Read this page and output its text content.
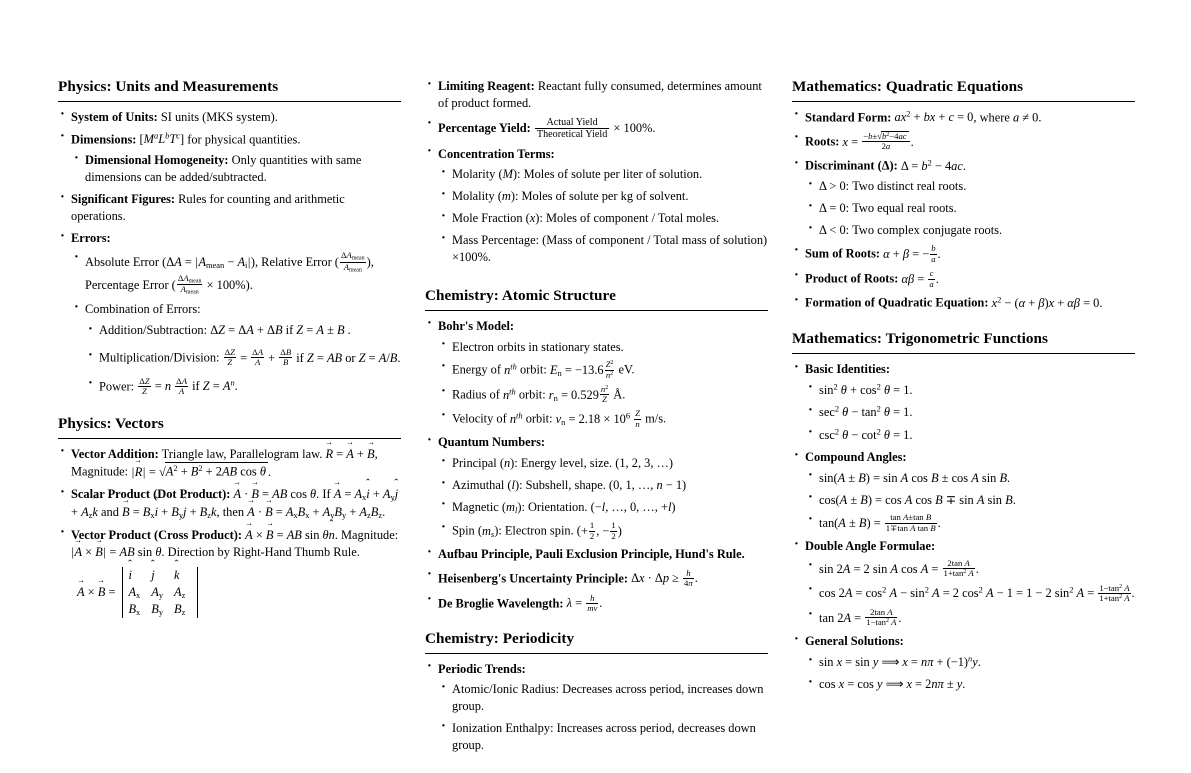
Physics: Units and Measurements
· System of Units: SI units (MKS system).
· Dimensions: $[M^aL^bT^c]$ for physical quantities.
· Dimensional Homogeneity: Only quantities with same dimensions can be added/subtracted.
· Significant Figures: Rules for counting and arithmetic operations.
· Errors:
· Absolute Error $(\Delta A = |A_{mean} - A_i|)$, Relative Error ( $\frac{\Delta A_{mean}}{A_{mean}}$ ), Percentage Error ( $\frac{\Delta A_{mean}}{A_{mean}} \times 100\%$).
· Combination of Errors:
· Addition/Subtraction: ΔZ = ΔA + ΔB if Z = A ± B .
· Multiplication/Division: $\frac{\Delta Z}{Z} = \frac{\Delta A}{A} + \frac{\Delta B}{B}$ if Z = AB or Z = A/B.
· Power: $\frac{\Delta Z}{Z} = n \frac{\Delta A}{A}$ if $Z = A^n$.
Physics: Vectors
· Vector Addition: Triangle law, Parallelogram law. → R = → A + → B, Magnitude: |→ $R| = √A^2 + B^2 + 2AB$ cos θ .
· Scalar Product (Dot Product): → A · → B = AB cos θ. $If \to A = A_xˆ$ $i + A_yˆ$ $j + A_zˆ$ k and → $B = B_xˆ$ $i + B_yˆ$ $j + B_zˆ$ k, then → A · → $B = A_xB_x + A_yB_y + A_zB_z$.
· Vector Product (Cross Product): → A × → B = AB sin θˆ n. Magnitude: |→ A × → B| = AB sin θ. Direction by Right-Hand Thumb Rule.
→ A × → B =
ˆ i	ˆ j	ˆ k
$A_x$	$A_y$	$A_z$
$B_x$	$B_y$	$B_z$
· Limiting Reagent: Reactant fully consumed, determines amount of product formed.
· Percentage Yield: $\frac{\text{Actual Yield}}{\text{Theoretical Yield}} \times 100\%$.
· Concentration Terms:
· Molarity (M): Moles of solute per liter of solution.
· Molality (m): Moles of solute per kg of solvent.
· Mole Fraction (x): Moles of component / Total moles.
· Mass Percentage: (Mass of component / Total mass of solution) ×100%.
Chemistry: Atomic Structure
· Bohr's Model:
· Electron orbits in stationary states.
· Energy of $n^{th}$ orbit: $E_n = -13.6 \frac{Z^2}{n^2}$ eV.
· Radius of $n^{th}$ orbit: $r_n = 0.529 \frac{n^2}{Z}$ Å.
· Velocity of $n^{th}$ orbit: $v_n = 2.18 \times 10^6 \frac{Z}{n} m/s$.
· Quantum Numbers:
· Principal (n): Energy level, size. (1, 2, 3, …)
· Azimuthal (l): Subshell, shape. (0, 1, …, n − 1)
· Magnetic $(m_l)$: Orientation. (−l, …, 0, …, +l)
· Spin $(m_s)$: Electron spin. (+ $\frac{1}{2}$ , − $\frac{1}{2}$ )
· Aufbau Principle, Pauli Exclusion Principle, Hund's Rule.
· Heisenberg's Uncertainty Principle: $\Delta x \cdot \Delta p \ge \frac{h}{4\pi}$ .
· De Broglie Wavelength: $\lambda = \frac{h}{mv}$ .
Chemistry: Periodicity
· Periodic Trends:
· Atomic/Ionic Radius: Decreases across period, increases down group.
· Ionization Enthalpy: Increases across period, decreases down group.
Mathematics: Quadratic Equations
· Standard Form: $ax^2$ + bx + c = 0, where a ≠ 0.
· Roots: $x = \frac{-b\pm√b^2-4ac}{2a}$ .
· Discriminant (Δ): $\Delta = b^2 - 4ac$.
· Δ > 0: Two distinct real roots.
· Δ = 0: Two equal real roots.
· Δ < 0: Two complex conjugate roots.
· Sum of Roots: α + β = − $\frac{b}{a}$ .
· Product of Roots: $\alpha\beta = \frac{c}{a}$ .
· Formation of Quadratic Equation: $x^2 - (\alpha + \beta)x + \alpha\beta = 0$.
Mathematics: Trigonometric Functions
· Basic Identities:
· $\sin^2 \theta + \cos^2 \theta = 1$.
· $\sec^2 \theta - \tan^2 \theta = 1$.
· $\csc^2 \theta - \cot^2 \theta = 1$.
· Compound Angles:
· sin(A ± B) = sin A cos B ± cos A sin B.
· cos(A ± B) = cos A cos B ∓ sin A sin B.
· $\tan(A \pm B) = \frac{\text{tan A±tan B}}{\text{1∓tan A tan B}}$ .
· Double Angle Formulae:
· sin 2A = 2 sin A $\cos A = \frac{\text{2tan A}}{1+\tan^2 A}$ .
· $\cos 2A = \cos^2 A - \sin^2 A = 2$ $\cos^2 A - 1 = 1 - 2$ $\sin^2 A = \frac{1-\tan^2 A}{1+\tan^2 A}$ .
· $\tan 2A = \frac{\text{2tan A}}{1-\tan^2 A}$ .
· General Solutions:
· sin x = sin y ⟹ $x = n\pi + (-1)^ny$.
· cos x = cos y ⟹ x = 2nπ ± y.
